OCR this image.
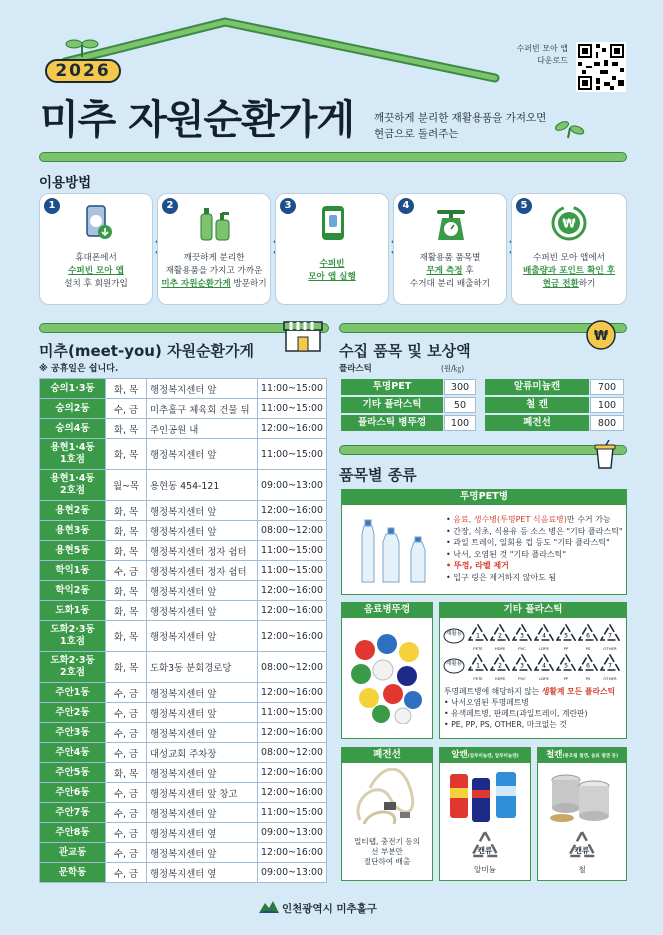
2026
미추 자원순환가게 깨끗하게 분리한 재활용품을 가져오면
현금으로 돌려주는
수퍼빈 모아 앱
다운로드
이용방법
1
휴대폰에서
수퍼빈 모아 앱
설치 후 회원가입
2
깨끗하게 분리한
재활용품을 가지고 가까운
미추 자원순환가게 방문하기
3
수퍼빈
모아 앱 실행
4
재활용품 품목별
무게 측정 후
수거대 분리 배출하기
5
₩
수퍼빈 모아 앱에서
배출량과 포인트 확인 후
현금 전환하기
미추(meet-you) 자원순환가게
※ 공휴일은 쉽니다.
숭의1·3동	화, 목	행정복지센터 앞	11:00~15:00
숭의2동	수, 금	미추홀구 체육회 건물 뒤	11:00~15:00
숭의4동	화, 목	주인공원 내	12:00~16:00
용현1·4동
1호점	화, 목	행정복지센터 앞	11:00~15:00
용현1·4동
2호점	월~목	용현동 454-121	09:00~13:00
용현2동	화, 목	행정복지센터 앞	12:00~16:00
용현3동	화, 목	행정복지센터 앞	08:00~12:00
용현5동	화, 목	행정복지센터 정자 쉼터	11:00~15:00
학익1동	수, 금	행정복지센터 정자 쉼터	11:00~15:00
학익2동	화, 목	행정복지센터 앞	12:00~16:00
도화1동	화, 목	행정복지센터 앞	12:00~16:00
도화2·3동
1호점	화, 목	행정복지센터 앞	12:00~16:00
도화2·3동
2호점	화, 목	도화3동 분회경로당	08:00~12:00
주안1동	수, 금	행정복지센터 앞	12:00~16:00
주안2동	수, 금	행정복지센터 앞	11:00~15:00
주안3동	수, 금	행정복지센터 앞	12:00~16:00
주안4동	수, 금	대성교회 주차장	08:00~12:00
주안5동	화, 목	행정복지센터 앞	12:00~16:00
주안6동	수, 금	행정복지센터 앞 창고	12:00~16:00
주안7동	수, 금	행정복지센터 앞	11:00~15:00
주안8동	수, 금	행정복지센터 옆	09:00~13:00
관교동	수, 금	행정복지센터 앞	12:00~16:00
문학동	수, 금	행정복지센터 옆	09:00~13:00
₩
수집 품목 및 보상액
플라스틱	(원/㎏)
투명PET	300
기타 플라스틱	50
플라스틱 병뚜껑	100
알류미늄캔	700
철 캔	100
폐전선	800
품목별 종류
투명PET병
• 음료, 생수병(투명PET 식음료병)만 수거 가능
• 간장, 식초, 식용유 등 소스 병은 "기타 플라스틱"
• 과일 트레이, 일회용 컵 등도 "기타 플라스틱"
• 낙서, 오염된 것 "기타 플라스틱"
• 뚜껑, 라벨 제거
• 입구 링은 제거하지 않아도 됨
음료병뚜껑	기타 플라스틱
재활용
재활용
1
PETE
2
HDPE
3
PVC
4
LDPE
5
PP
6
PS
7
OTHER
1
PETE
2
HDPE
3
PVC
4
LDPE
5
PP
6
PS
7
OTHER
투명페트병에 해당하지 않는 생활계 모든 플라스틱
• 낙서오염된 투명페트병
• 유색페트병, 판페트(과일트레이, 계란판)
• PE, PP, PS, OTHER, 마크없는 것
폐전선
멀티탭, 충전기 등의
선 부분만
절단하여 배출
알캔(알루미늄캔, 알루미늄캔)
캔류
알미늄
철캔(통조림 철캔, 음료 철캔 등)
캔류
철
인천광역시 미추홀구
